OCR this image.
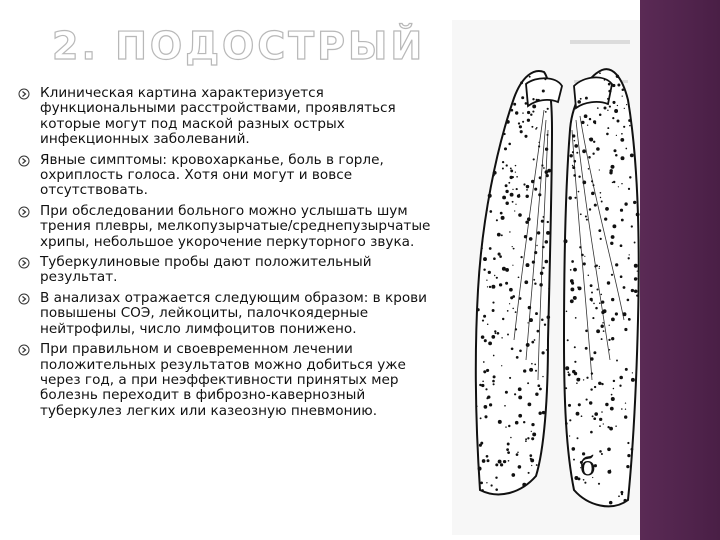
2. ПОДОСТРЫЙ
Клиническая картина характеризуется функциональными расстройствами, проявляться которые могут под маской разных острых инфекционных заболеваний.
Явные симптомы: кровохарканье, боль в горле, охриплость голоса. Хотя они могут и вовсе отсутствовать.
При обследовании больного можно услышать шум трения плевры, мелкопузырчатые/среднепузырчатые хрипы, небольшое укорочение перкуторного звука.
Туберкулиновые пробы дают положительный результат.
В анализах отражается следующим образом: в крови повышены СОЭ, лейкоциты, палочкоядерные нейтрофилы, число лимфоцитов понижено.
При правильном и своевременном лечении положительных результатов можно добиться уже через год, а при неэффективности принятых мер болезнь переходит в фиброзно-кавернозный туберкулез легких или казеозную пневмонию.
б
